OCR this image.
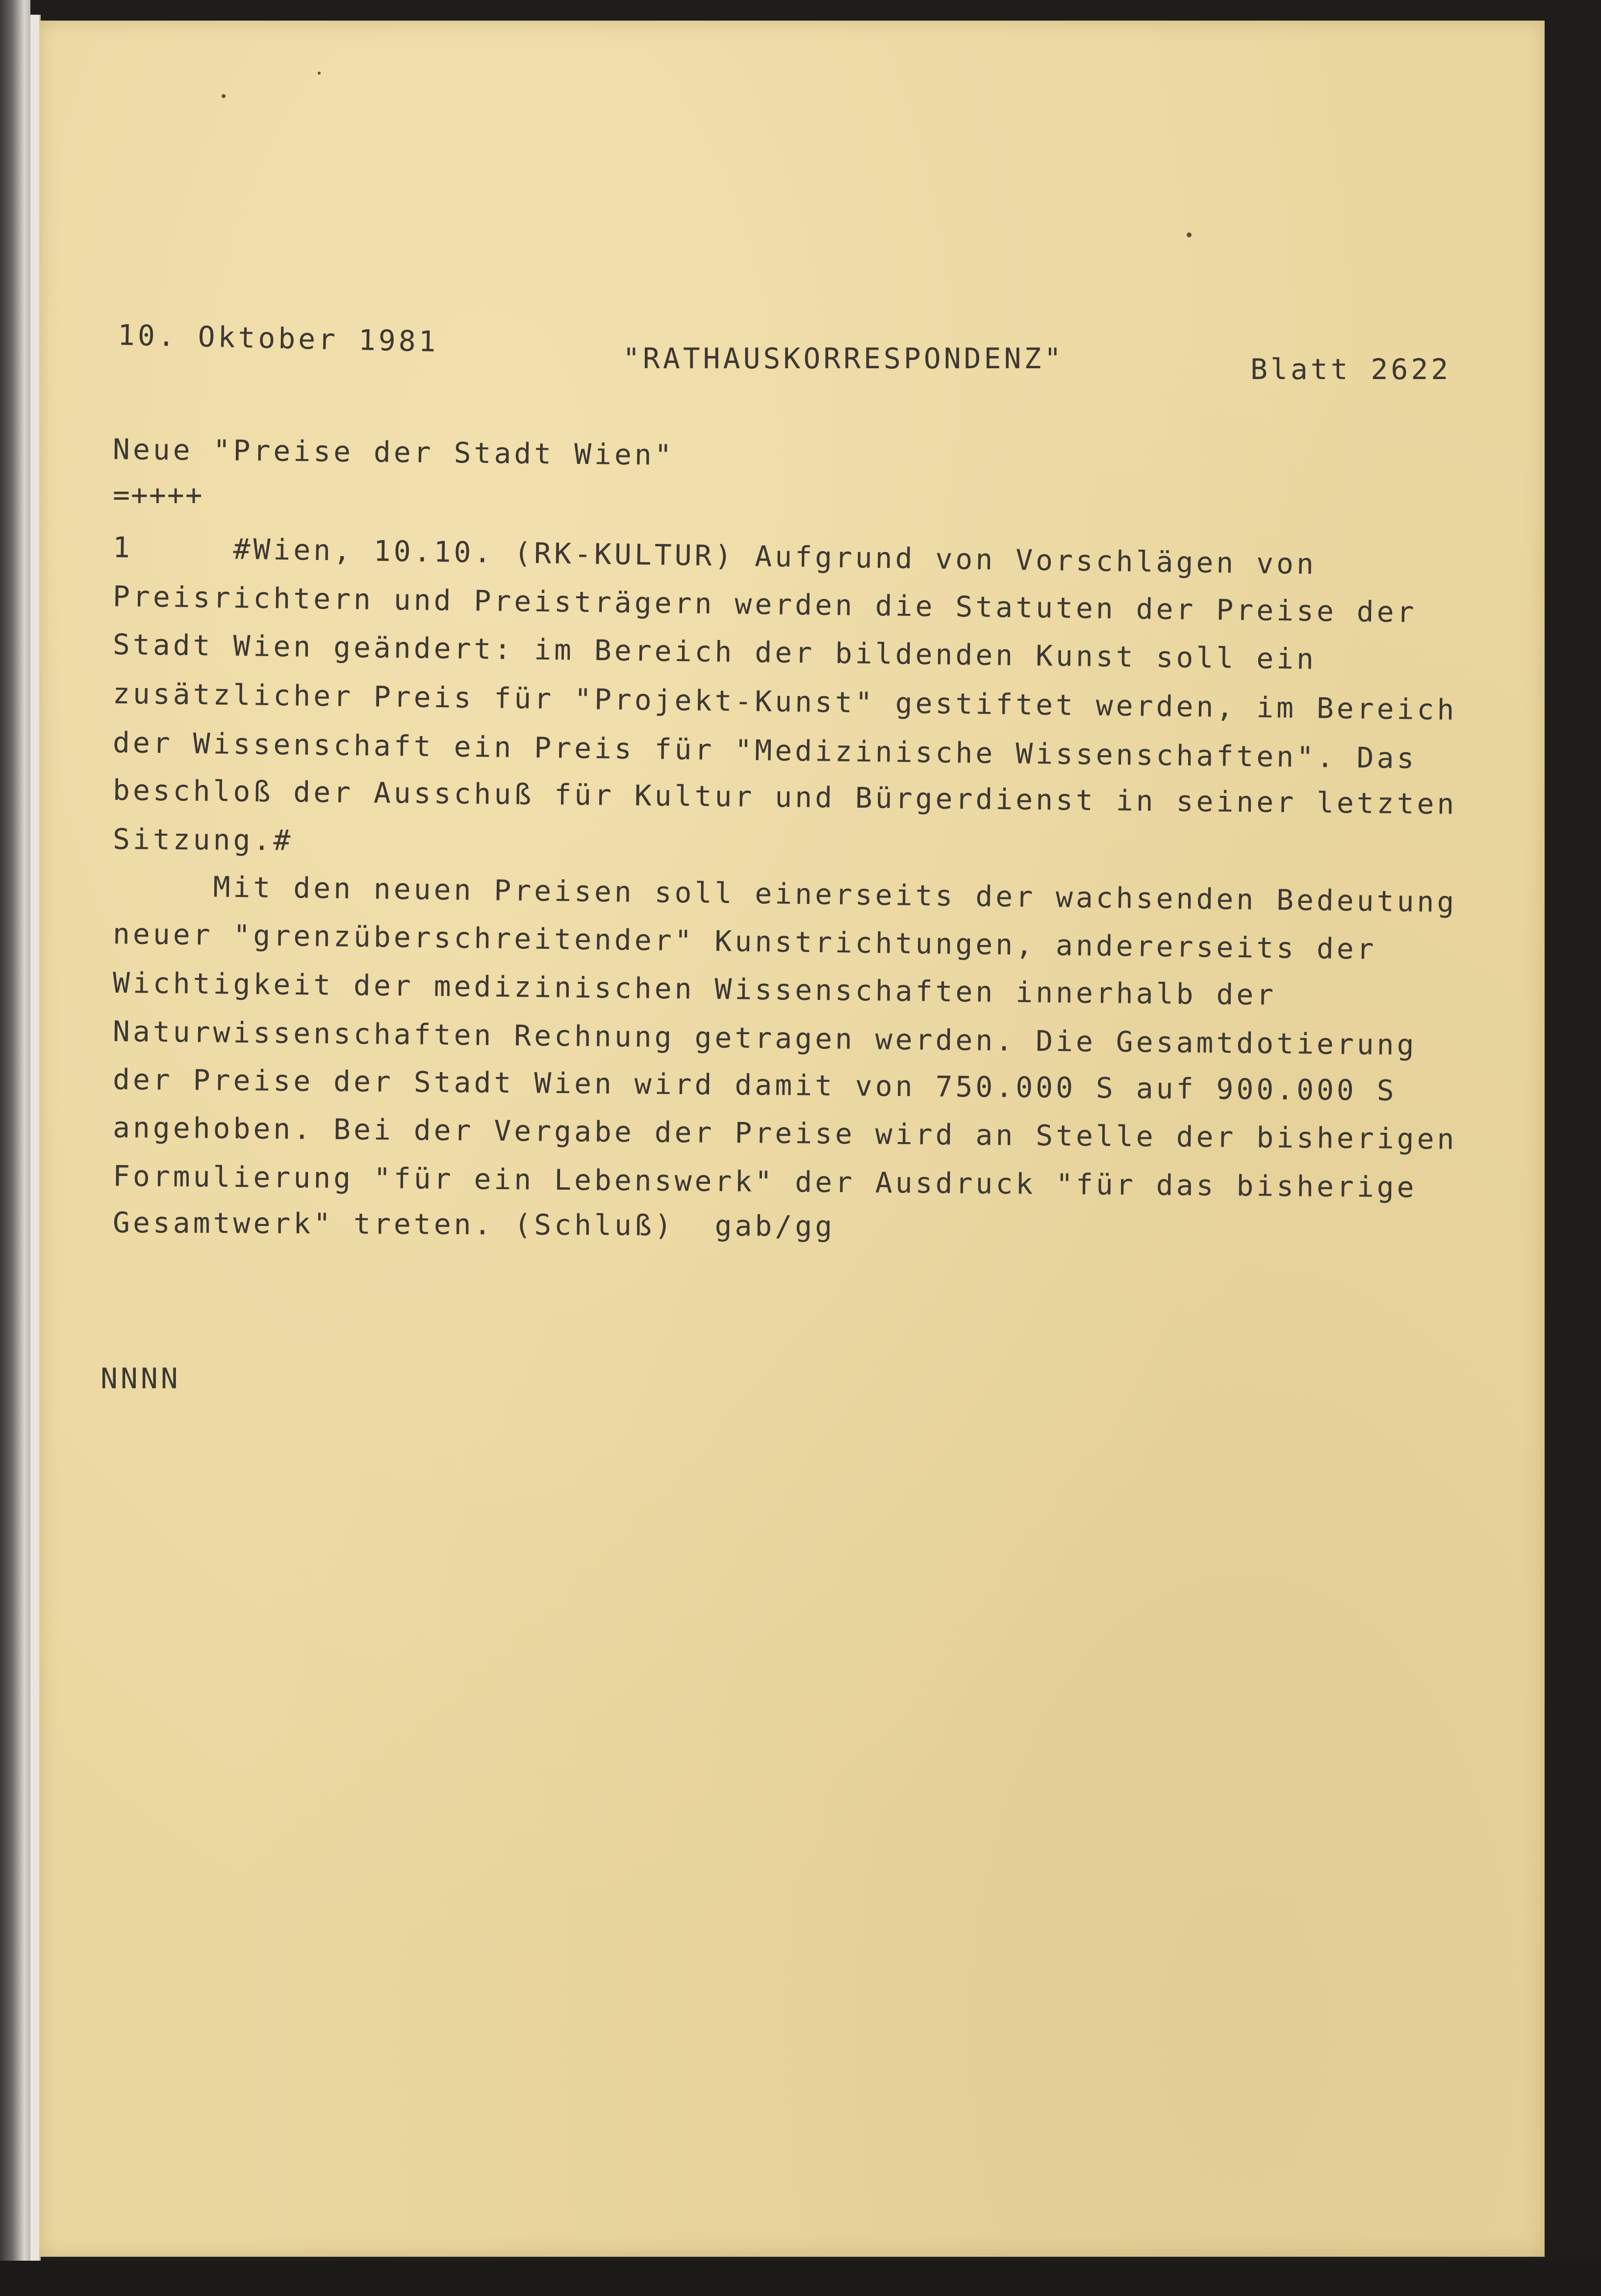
10. Oktober 1981
"RATHAUSKORRESPONDENZ"	Blatt 2622
Neue "Preise der Stadt Wien"
=++++
1     #Wien, 10.10. (RK-KULTUR) Aufgrund von Vorschlägen von
Preisrichtern und Preisträgern werden die Statuten der Preise der
Stadt Wien geändert: im Bereich der bildenden Kunst soll ein
zusätzlicher Preis für "Projekt-Kunst" gestiftet werden, im Bereich
der Wissenschaft ein Preis für "Medizinische Wissenschaften". Das
beschloß der Ausschuß für Kultur und Bürgerdienst in seiner letzten
Sitzung.#
Mit den neuen Preisen soll einerseits der wachsenden Bedeutung
neuer "grenzüberschreitender" Kunstrichtungen, andererseits der
Wichtigkeit der medizinischen Wissenschaften innerhalb der
Naturwissenschaften Rechnung getragen werden. Die Gesamtdotierung
der Preise der Stadt Wien wird damit von 750.000 S auf 900.000 S
angehoben. Bei der Vergabe der Preise wird an Stelle der bisherigen
Formulierung "für ein Lebenswerk" der Ausdruck "für das bisherige
Gesamtwerk" treten. (Schluß)  gab/gg
NNNN
